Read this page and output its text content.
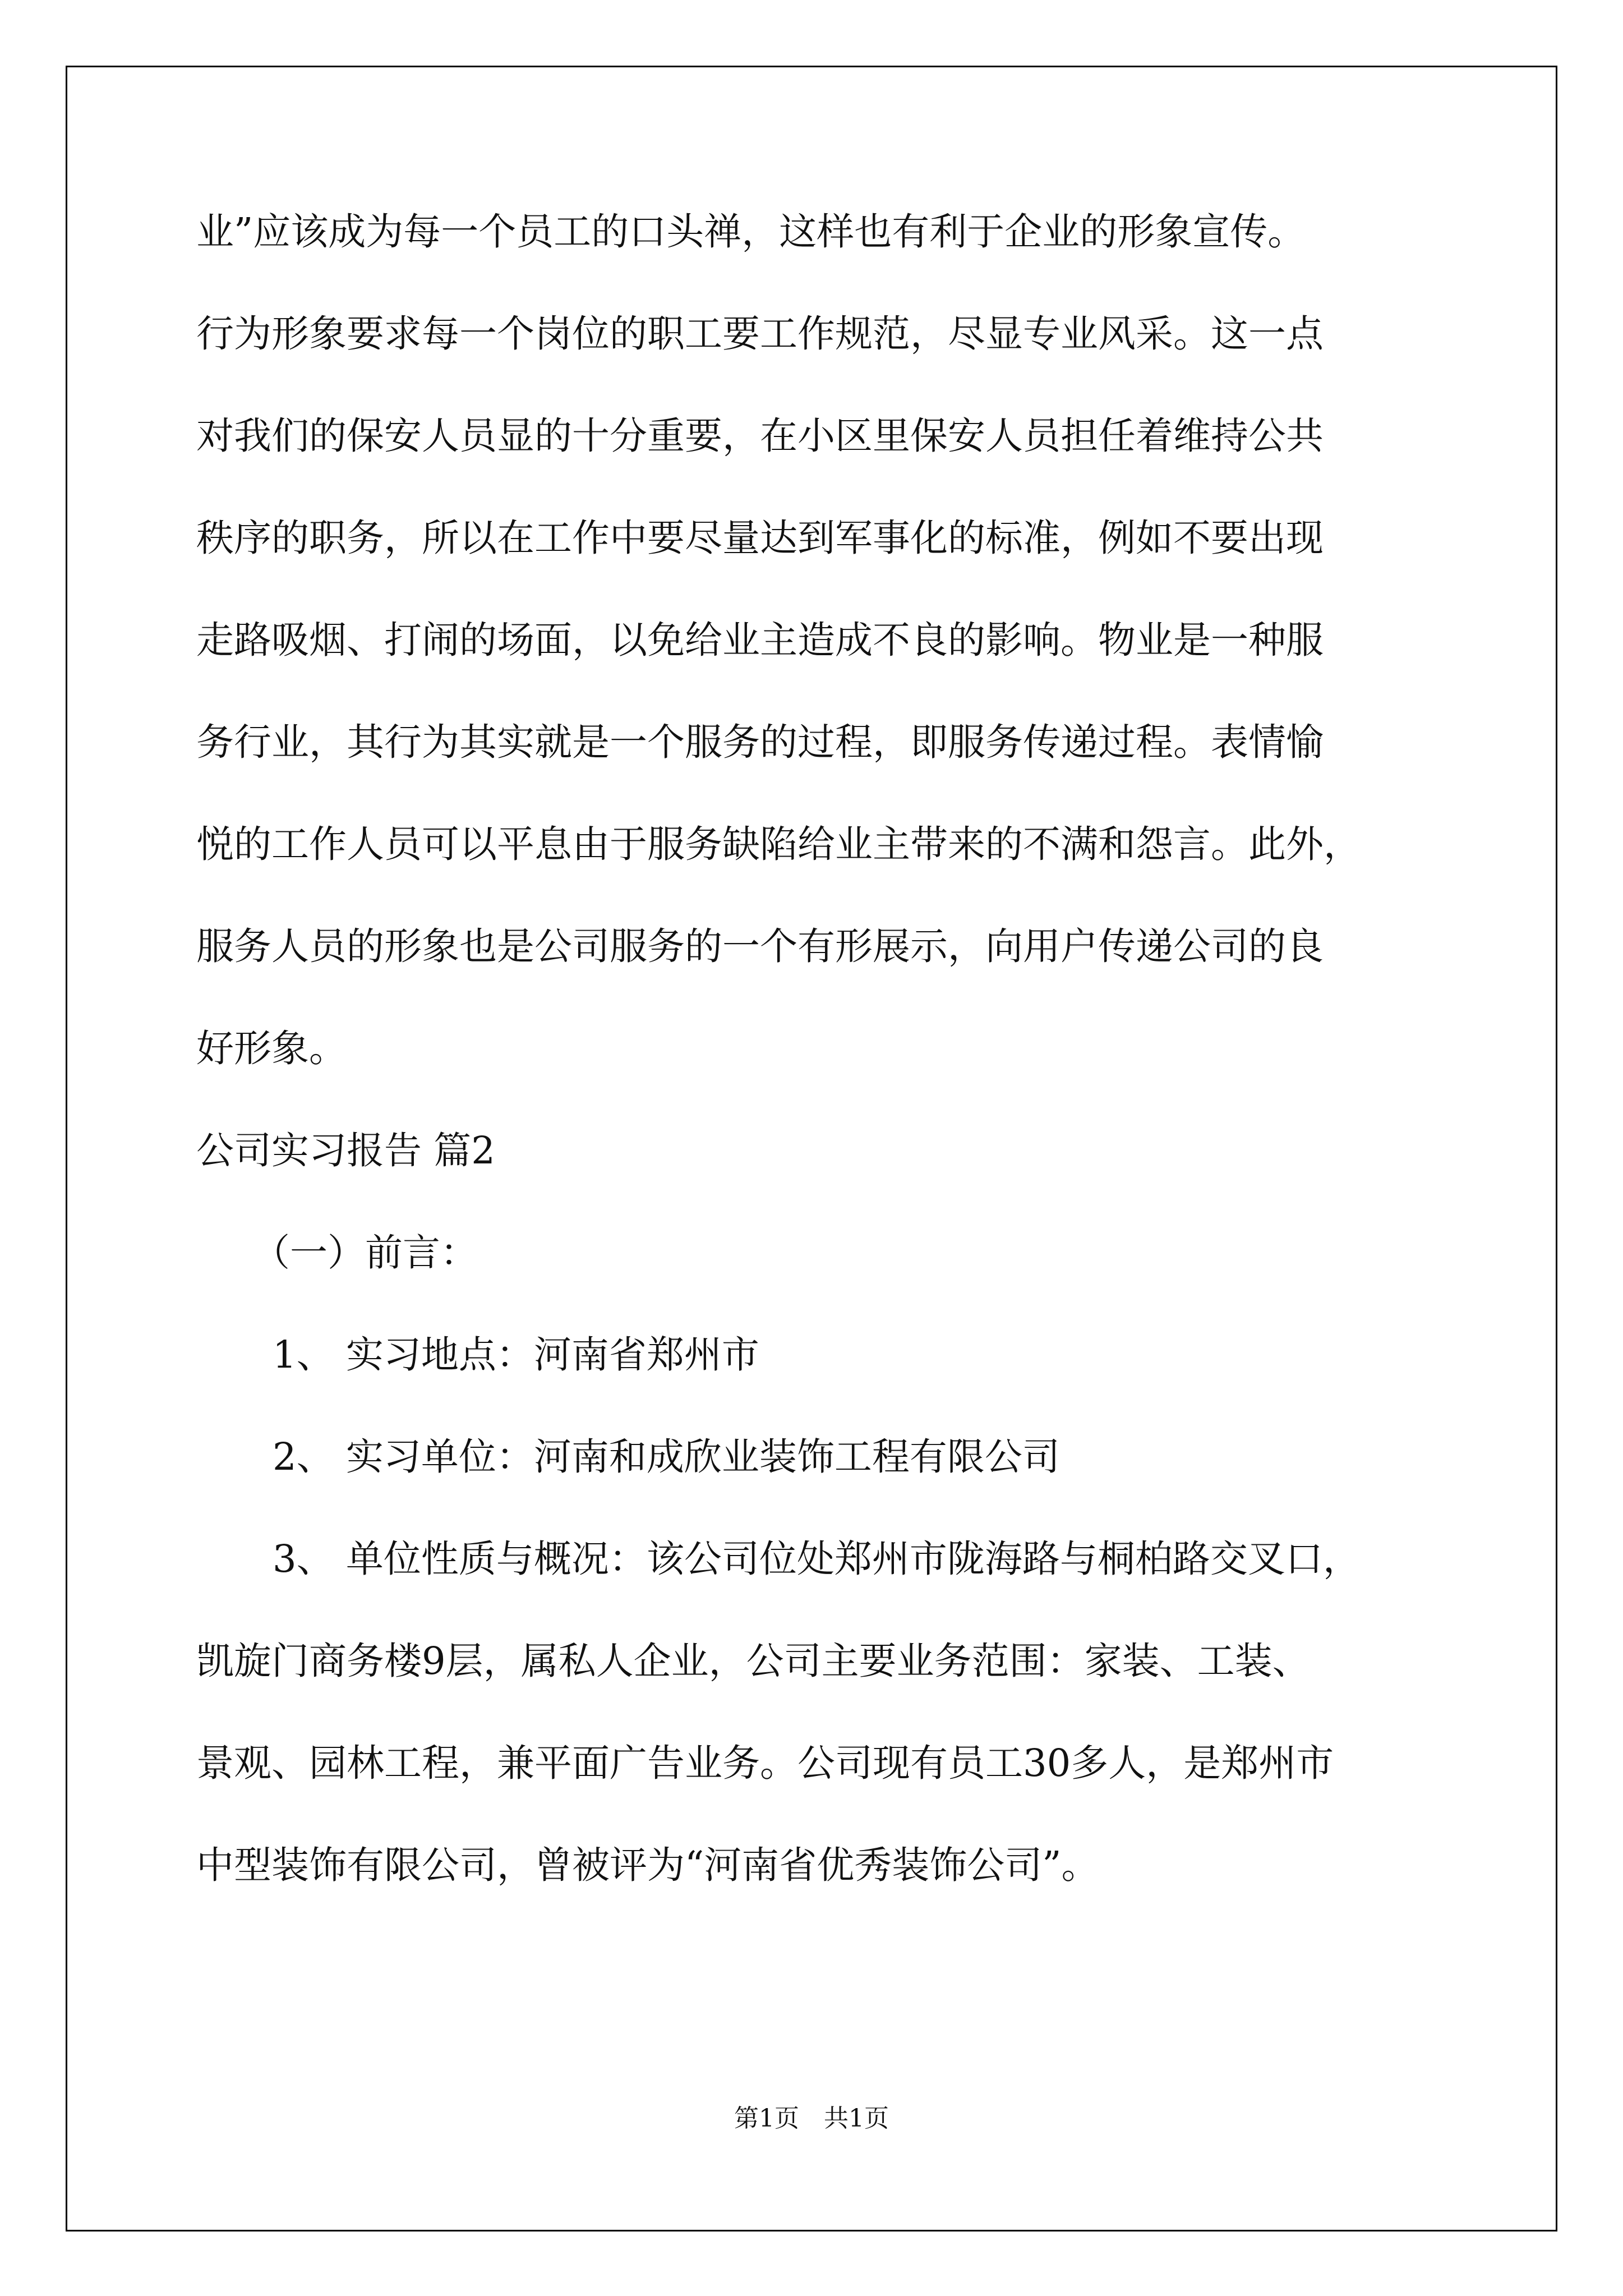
业”应该成为每一个员工的口头禅，这样也有利于企业的形象宣传。
行为形象要求每一个岗位的职工要工作规范，尽显专业风采。这一点
对我们的保安人员显的十分重要，在小区里保安人员担任着维持公共
秩序的职务，所以在工作中要尽量达到军事化的标准，例如不要出现
走路吸烟、打闹的场面，以免给业主造成不良的影响。物业是一种服
务行业，其行为其实就是一个服务的过程，即服务传递过程。表情愉
悦的工作人员可以平息由于服务缺陷给业主带来的不满和怨言。此外，
服务人员的形象也是公司服务的一个有形展示，向用户传递公司的良
好形象。
公司实习报告 篇2
（一）前言：
1、 实习地点：河南省郑州市
2、 实习单位：河南和成欣业装饰工程有限公司
3、 单位性质与概况：该公司位处郑州市陇海路与桐柏路交叉口，
凯旋门商务楼9层，属私人企业，公司主要业务范围：家装、工装、
景观、园林工程，兼平面广告业务。公司现有员工30多人，是郑州市
中型装饰有限公司，曾被评为“河南省优秀装饰公司”。
第1页　共1页
